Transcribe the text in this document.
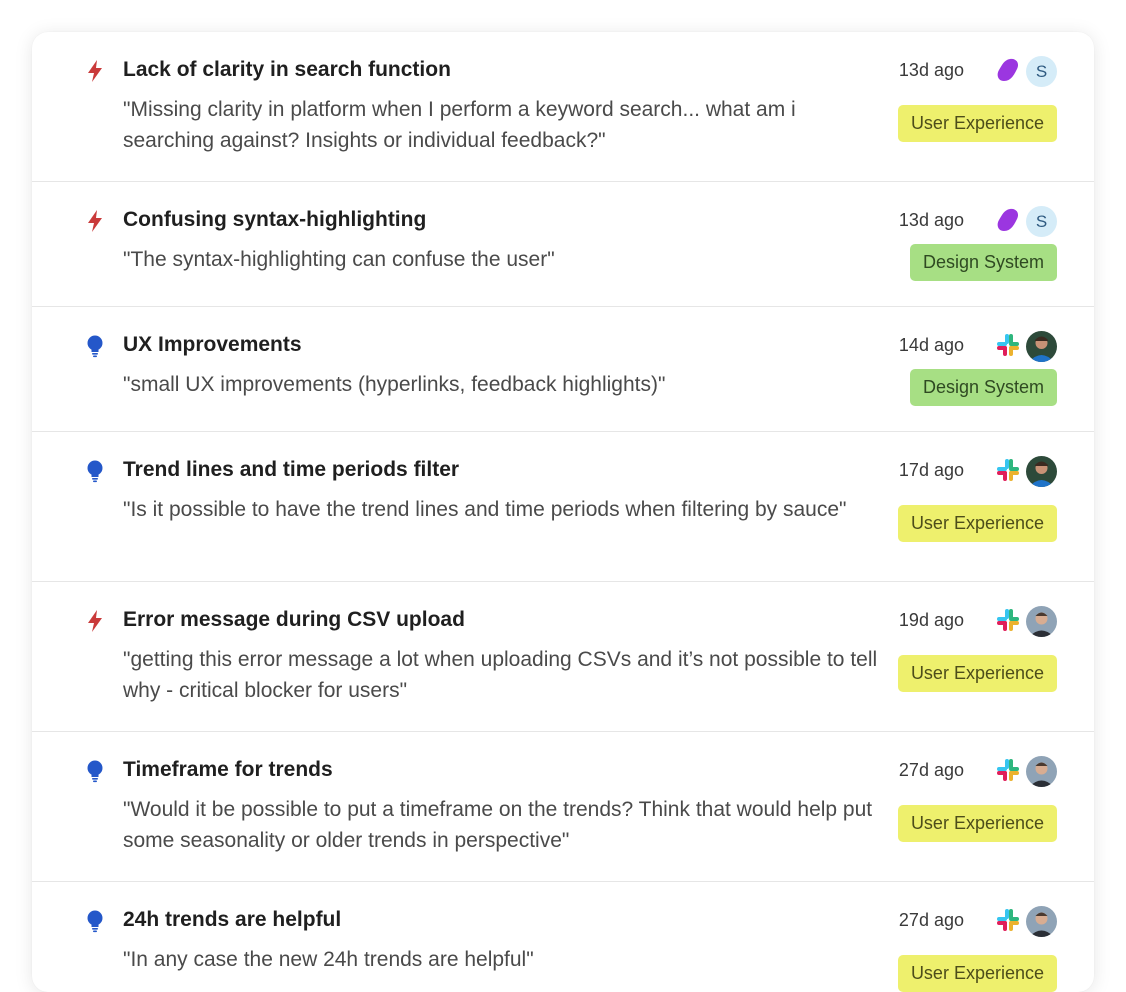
Lack of clarity in search function
"Missing clarity in platform when I perform a keyword search... what am i searching against? Insights or individual feedback?"
13d ago	S
User Experience
Confusing syntax-highlighting
"The syntax-highlighting can confuse the user"
13d ago	S
Design System
UX Improvements
"small UX improvements (hyperlinks, feedback highlights)"
14d ago
Design System
Trend lines and time periods filter
"Is it possible to have the trend lines and time periods when filtering by sauce"
17d ago
User Experience
Error message during CSV upload
"getting this error message a lot when uploading CSVs and it’s not possible to tell why - critical blocker for users"
19d ago
User Experience
Timeframe for trends
"Would it be possible to put a timeframe on the trends? Think that would help put some seasonality or older trends in perspective"
27d ago
User Experience
24h trends are helpful
"In any case the new 24h trends are helpful"
27d ago
User Experience
